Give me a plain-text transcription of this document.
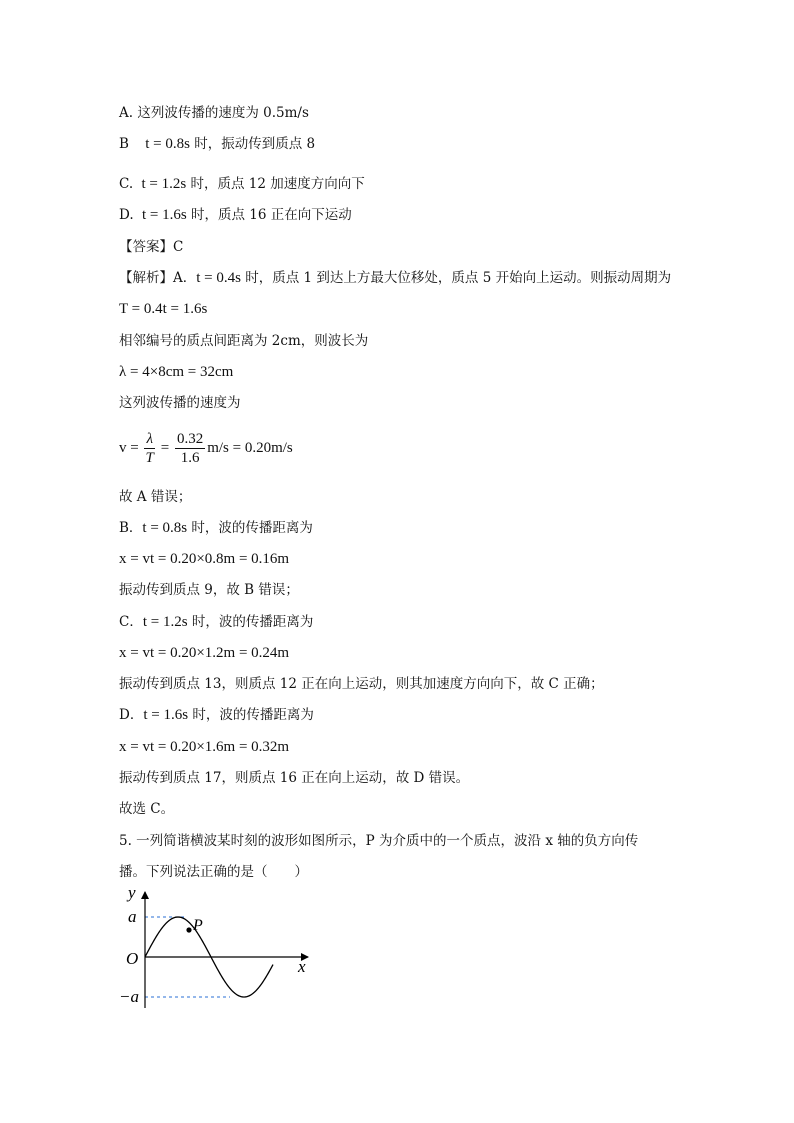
A. 这列波传播的速度为 0.5m/s
B t = 0.8s 时，振动传到质点 8
C. t = 1.2s 时，质点 12 加速度方向向下
D. t = 1.6s 时，质点 16 正在向下运动
【答案】C
【解析】A．t = 0.4s 时，质点 1 到达上方最大位移处，质点 5 开始向上运动。则振动周期为
T = 0.4t = 1.6s
相邻编号的质点间距离为 2cm，则波长为
λ = 4×8cm = 32cm
这列波传播的速度为
$v = \frac{\lambda}{T} = \frac{0.32}{1.6} m/s = 0.20m/s$
故 A 错误；
B．t = 0.8s 时，波的传播距离为
x = vt = 0.20×0.8m = 0.16m
振动传到质点 9，故 B 错误；
C．t = 1.2s 时，波的传播距离为
x = vt = 0.20×1.2m = 0.24m
振动传到质点 13，则质点 12 正在向上运动，则其加速度方向向下，故 C 正确；
D．t = 1.6s 时，波的传播距离为
x = vt = 0.20×1.6m = 0.32m
振动传到质点 17，则质点 16 正在向上运动，故 D 错误。
故选 C。
5. 一列简谐横波某时刻的波形如图所示，P 为介质中的一个质点，波沿 x 轴的负方向传
播。下列说法正确的是（　　）
y
a
O
−a
P
x
